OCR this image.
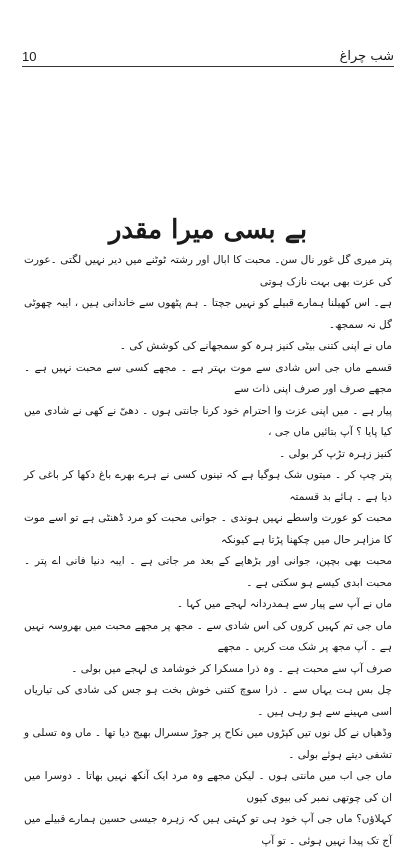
10	شب چراغ
بے بسی میرا مقدر

پتر میری گل غور نال سن۔ محبت کا ابال اور رشتہ ٹوٹنے میں دیر نہیں لگتی ۔عورت کی عزت بھی بہت نازک ہوتی

ہے۔ اس کھیلنا ہمارے قبیلے کو نہیں جچتا ۔ ہم پٹھوں سے خاندانی ہیں ، ایبہ چھوٹی گل نہ سمجھ۔

ماں نے اپنی کتنی بیٹی کنیز ہرہ کو سمجھانے کی کوشش کی ۔

قسمے ماں جی اس شادی سے موت بہتر ہے ۔ مجھے کسی سے محبت نہیں ہے ۔ مجھے صرف اور صرف اپنی ذات سے

پیار ہے ۔ میں اپنی عزت وا احترام خود کرنا جانتی ہوں ۔ دھیّ نے کھی نے شادی میں کیا پایا ؟ آپ بتائیں ماں جی ،

کنیز زہرہ تڑپ کر بولی ۔

پتر چپ کر ۔ میتوں شک ہوگیا ہے کہ تینوں کسی نے ہرے بھرے باغ دکھا کر باغی کر دیا ہے ۔ ہائے بد قسمتہ

محبت کو عورت واسطے نہیں ہوندی ۔ جوانی محبت کو مرد ڈھنٹی ہے تو اسے موت کا مزاہر حال میں چکھنا پڑتا ہے کیونکہ

محبت بھی بچپن، جوانی اور بڑھاپے کے بعد مر جاتی ہے ۔ ایبہ دنیا فانی اے پتر ۔ محبت ابدی کیسے ہو سکتی ہے ۔

ماں نے آپ سے پیار سے ہمدردانہ لہجے میں کہا ۔

ماں جی تم کہیں کروں کی اس شادی سے ۔ مجھ پر مجھے محبت میں بھروسہ نہیں ہے ۔ آپ مجھ پر شک مت کریں ۔ مجھے

صرف آپ سے محبت ہے ۔ وہ ذرا مسکرا کر خوشامد ی لہجے میں بولی ۔

چل بس ہت یہاں سے ۔ ذرا سوچ کتنی خوش بخت ہو جس کی شادی کی تیاریاں اسی مہینے سے ہو رہی ہیں ۔

وڈھیاں نے کل نوں تیں کپڑوں میں نکاح پر جوڑ سسرال بھیج دیا تھا ۔ ماں وہ تسلی و تشفی دیتے ہوئے بولی ۔

ماں جی اب میں مانتی ہوں ۔ لیکن مجھے وہ مرد ایک آنکھ نہیں بھاتا ۔ دوسرا میں ان کی چوتھی نمبر کی بیوی کیوں

کہلاؤں؟ ماں جی آپ خود ہی تو کہتی ہیں کہ زہرہ جیسی حسین ہمارے قبیلے میں آج تک پیدا نہیں ہوئی ۔ تو آپ
